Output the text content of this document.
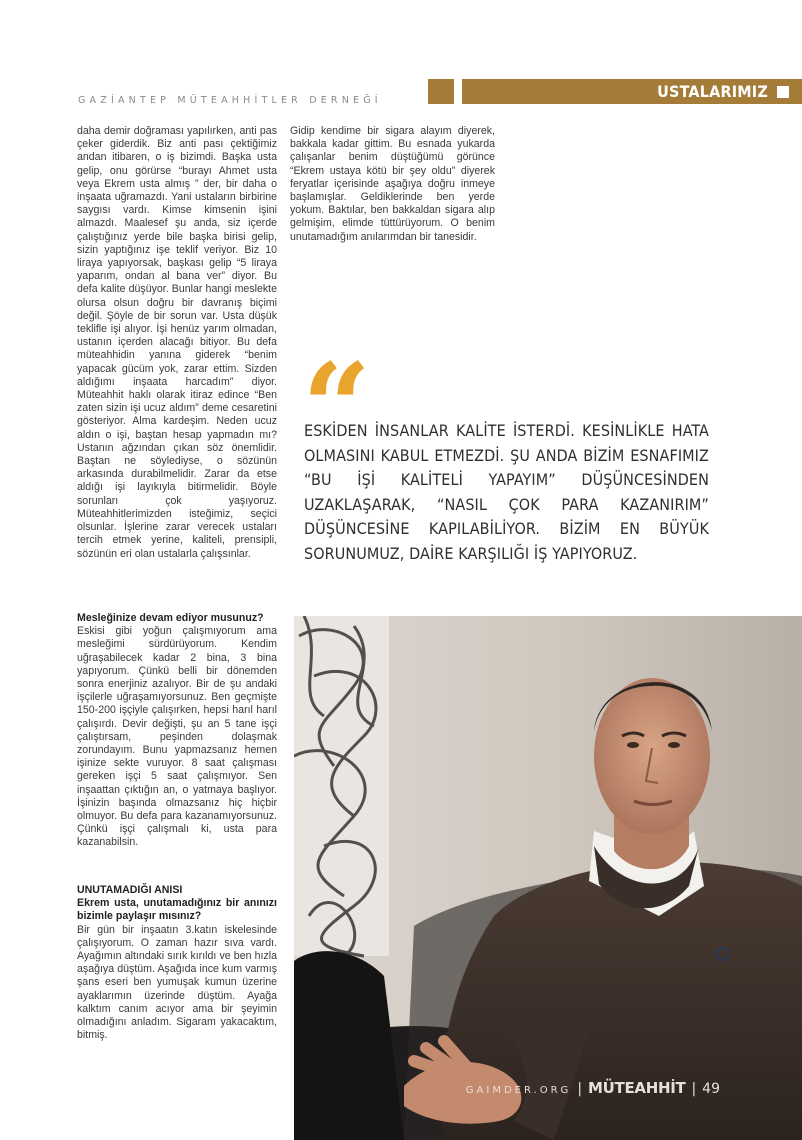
GAZİANTEP MÜTEAHHİTLER DERNEĞİ	USTALARIMIZ

daha demir doğraması yapılırken, anti pas çeker giderdik. Biz anti pası çektiğimiz andan itibaren, o iş bizimdi. Başka usta gelip, onu görürse “burayı Ahmet usta veya Ekrem usta almış ” der, bir daha o inşaata uğramazdı. Yani ustaların birbirine saygısı vardı. Kimse kimsenin işini almazdı. Maalesef şu anda, siz içerde çalıştığınız yerde bile başka birisi gelip, sizin yaptığınız işe teklif veriyor. Biz 10 liraya yapıyorsak, başkası gelip “5 liraya yaparım, ondan al bana ver” diyor. Bu defa kalite düşüyor. Bunlar hangi meslekte olursa olsun doğru bir davranış biçimi değil. Şöyle de bir sorun var. Usta düşük teklifle işi alıyor. İşi henüz yarım olmadan, ustanın içerden alacağı bitiyor. Bu defa müteahhidin yanına giderek “benim yapacak gücüm yok, zarar ettim. Sizden aldığımı inşaata harcadım” diyor. Müteahhit haklı olarak itiraz edince “Ben zaten sizin işi ucuz aldım” deme cesaretini gösteriyor. Alma kardeşim. Neden ucuz aldın o işi, baştan hesap yapmadın mı? Ustanın ağzından çıkan söz önemlidir. Baştan ne söylediyse, o sözünün arkasında durabilmelidir. Zarar da etse aldığı işi layıkıyla bitirmelidir. Böyle sorunları çok yaşıyoruz. Müteahhitlerimizden isteğimiz, seçici olsunlar. İşlerine zarar verecek ustaları tercih etmek yerine, kaliteli, prensipli, sözünün eri olan ustalarla çalışsınlar.

Gidip kendime bir sigara alayım diyerek, bakkala kadar gittim. Bu esnada yukarda çalışanlar benim düştüğümü görünce “Ekrem ustaya kötü bir şey oldu” diyerek feryatlar içerisinde aşağıya doğru inmeye başlamışlar. Geldiklerinde ben yerde yokum. Baktılar, ben bakkaldan sigara alıp gelmişim, elimde tüttürüyorum. O benim unutamadığım anılarımdan bir tanesidir.

Mesleğinize devam ediyor musunuz?

Eskisi gibi yoğun çalışmıyorum ama mesleğimi sürdürüyorum. Kendim uğraşabilecek kadar 2 bina, 3 bina yapıyorum. Çünkü belli bir dönemden sonra enerjiniz azalıyor. Bir de şu andaki işçilerle uğraşamıyorsunuz. Ben geçmişte 150-200 işçiyle çalışırken, hepsi harıl harıl çalışırdı. Devir değişti, şu an 5 tane işçi çalıştırsam, peşinden dolaşmak zorundayım. Bunu yapmazsanız hemen işinize sekte vuruyor. 8 saat çalışması gereken işçi 5 saat çalışmıyor. Sen inşaattan çıktığın an, o yatmaya başlıyor. İşinizin başında olmazsanız hiç hiçbir olmuyor. Bu defa para kazanamıyorsunuz. Çünkü işçi çalışmalı ki, usta para kazanabilsin.

UNUTAMADIĞI ANISI

Ekrem usta, unutamadığınız bir anınızı bizimle paylaşır mısınız?

Bir gün bir inşaatın 3.katın iskelesinde çalışıyorum. O zaman hazır sıva vardı. Ayağımın altındaki sırık kırıldı ve ben hızla aşağıya düştüm. Aşağıda ince kum varmış şans eseri ben yumuşak kumun üzerine ayaklarımın üzerinde düştüm. Ayağa kalktım canım acıyor ama bir şeyimin olmadığını anladım. Sigaram yakacaktım, bitmiş.

“
ESKİDEN İNSANLAR KALİTE İSTERDİ. KESİNLİKLE HATA OLMASINI KABUL ETMEZDİ. ŞU ANDA BİZİM ESNAFIMIZ “BU İŞİ KALİTELİ YAPAYIM” DÜŞÜNCESİNDEN UZAKLAŞARAK, “NASIL ÇOK PARA KAZANIRIM” DÜŞÜNCESİNE KAPILABİLİYOR. BİZİM EN BÜYÜK SORUNUMUZ, DAİRE KARŞILIĞI İŞ YAPIYORUZ.
GAIMDER.ORG | MÜTEAHHİT | 49
